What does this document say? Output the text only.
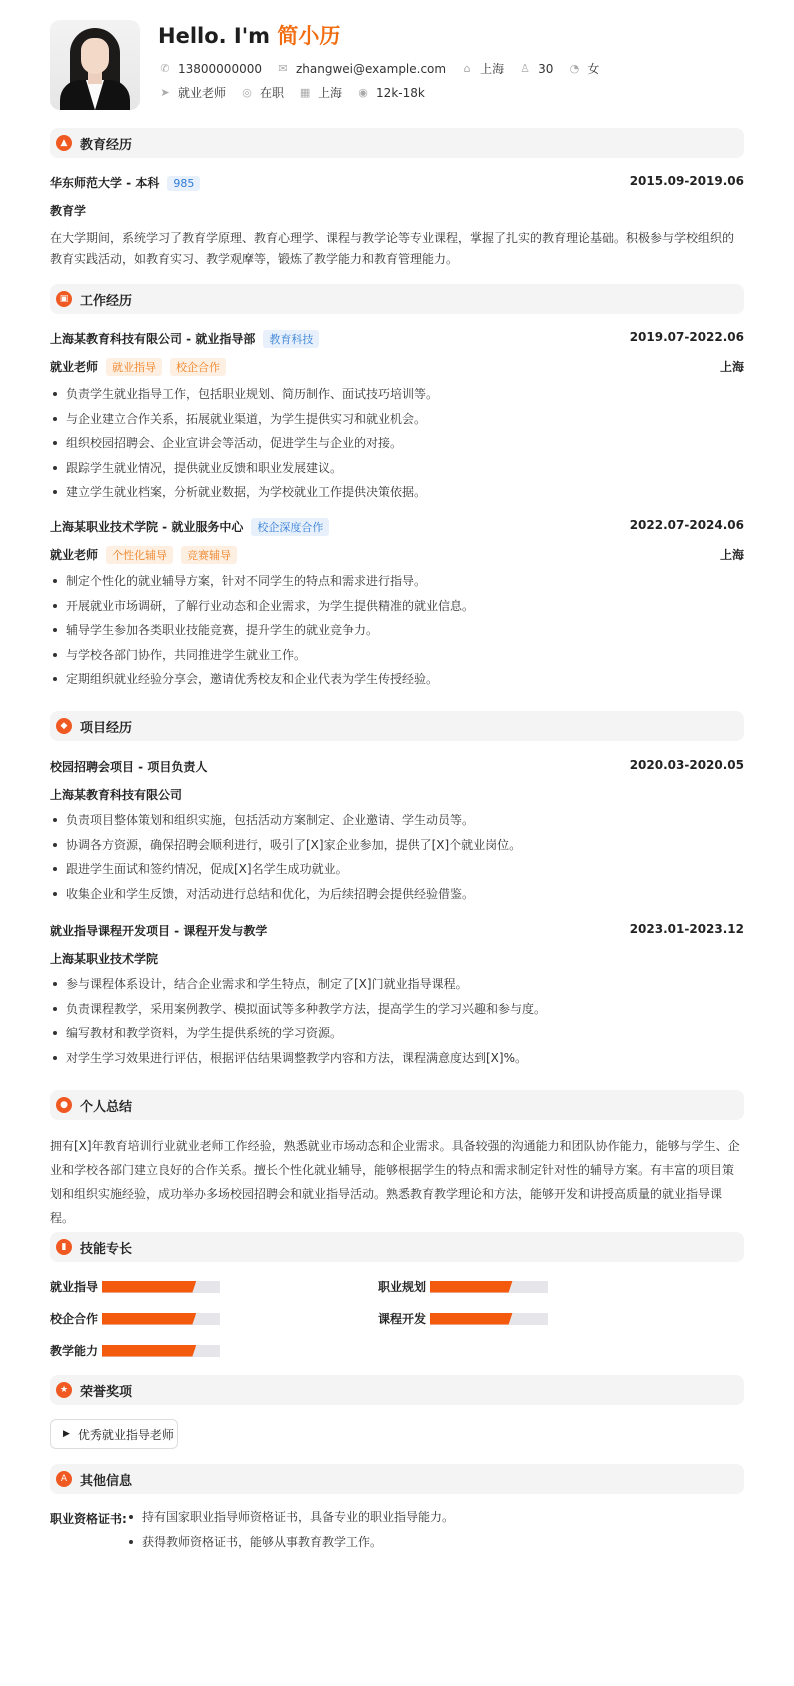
Hello. I'm 简小历
✆ 13800000000 ✉ zhangwei@example.com	⌂ 上海 ♙ 30 ◔ 女
➤ 就业老师 ◎ 在职 ▦ 上海 ◉ 12k-18k
▲ 教育经历
华东师范大学 - 本科 985	2015.09-2019.06
教育学
在大学期间，系统学习了教育学原理、教育心理学、课程与教学论等专业课程，掌握了扎实的教育理论基础。积极参与学校组织的教育实践活动，如教育实习、教学观摩等，锻炼了教学能力和教育管理能力。
▣ 工作经历
上海某教育科技有限公司 - 就业指导部 教育科技	2019.07-2022.06
就业老师 就业指导 校企合作	上海
负责学生就业指导工作，包括职业规划、简历制作、面试技巧培训等。
与企业建立合作关系，拓展就业渠道，为学生提供实习和就业机会。
组织校园招聘会、企业宣讲会等活动，促进学生与企业的对接。
跟踪学生就业情况，提供就业反馈和职业发展建议。
建立学生就业档案，分析就业数据，为学校就业工作提供决策依据。
上海某职业技术学院 - 就业服务中心 校企深度合作	2022.07-2024.06
就业老师 个性化辅导 竞赛辅导	上海
制定个性化的就业辅导方案，针对不同学生的特点和需求进行指导。
开展就业市场调研，了解行业动态和企业需求，为学生提供精准的就业信息。
辅导学生参加各类职业技能竞赛，提升学生的就业竞争力。
与学校各部门协作，共同推进学生就业工作。
定期组织就业经验分享会，邀请优秀校友和企业代表为学生传授经验。
◆ 项目经历
校园招聘会项目 - 项目负责人	2020.03-2020.05
上海某教育科技有限公司
负责项目整体策划和组织实施，包括活动方案制定、企业邀请、学生动员等。
协调各方资源，确保招聘会顺利进行，吸引了[X]家企业参加，提供了[X]个就业岗位。
跟进学生面试和签约情况，促成[X]名学生成功就业。
收集企业和学生反馈，对活动进行总结和优化，为后续招聘会提供经验借鉴。
就业指导课程开发项目 - 课程开发与教学	2023.01-2023.12
上海某职业技术学院
参与课程体系设计，结合企业需求和学生特点，制定了[X]门就业指导课程。
负责课程教学，采用案例教学、模拟面试等多种教学方法，提高学生的学习兴趣和参与度。
编写教材和教学资料，为学生提供系统的学习资源。
对学生学习效果进行评估，根据评估结果调整教学内容和方法，课程满意度达到[X]%。
● 个人总结
拥有[X]年教育培训行业就业老师工作经验，熟悉就业市场动态和企业需求。具备较强的沟通能力和团队协作能力，能够与学生、企
业和学校各部门建立良好的合作关系。擅长个性化就业辅导，能够根据学生的特点和需求制定针对性的辅导方案。有丰富的项目策
划和组织实施经验，成功举办多场校园招聘会和就业指导活动。熟悉教育教学理论和方法，能够开发和讲授高质量的就业指导课
程。
▮	技能专长
就业指导	职业规划
校企合作	课程开发
教学能力
★ 荣誉奖项
▶ 优秀就业指导老师
A 其他信息
职业资格证书:	持有国家职业指导师资格证书，具备专业的职业指导能力。
获得教师资格证书，能够从事教育教学工作。
